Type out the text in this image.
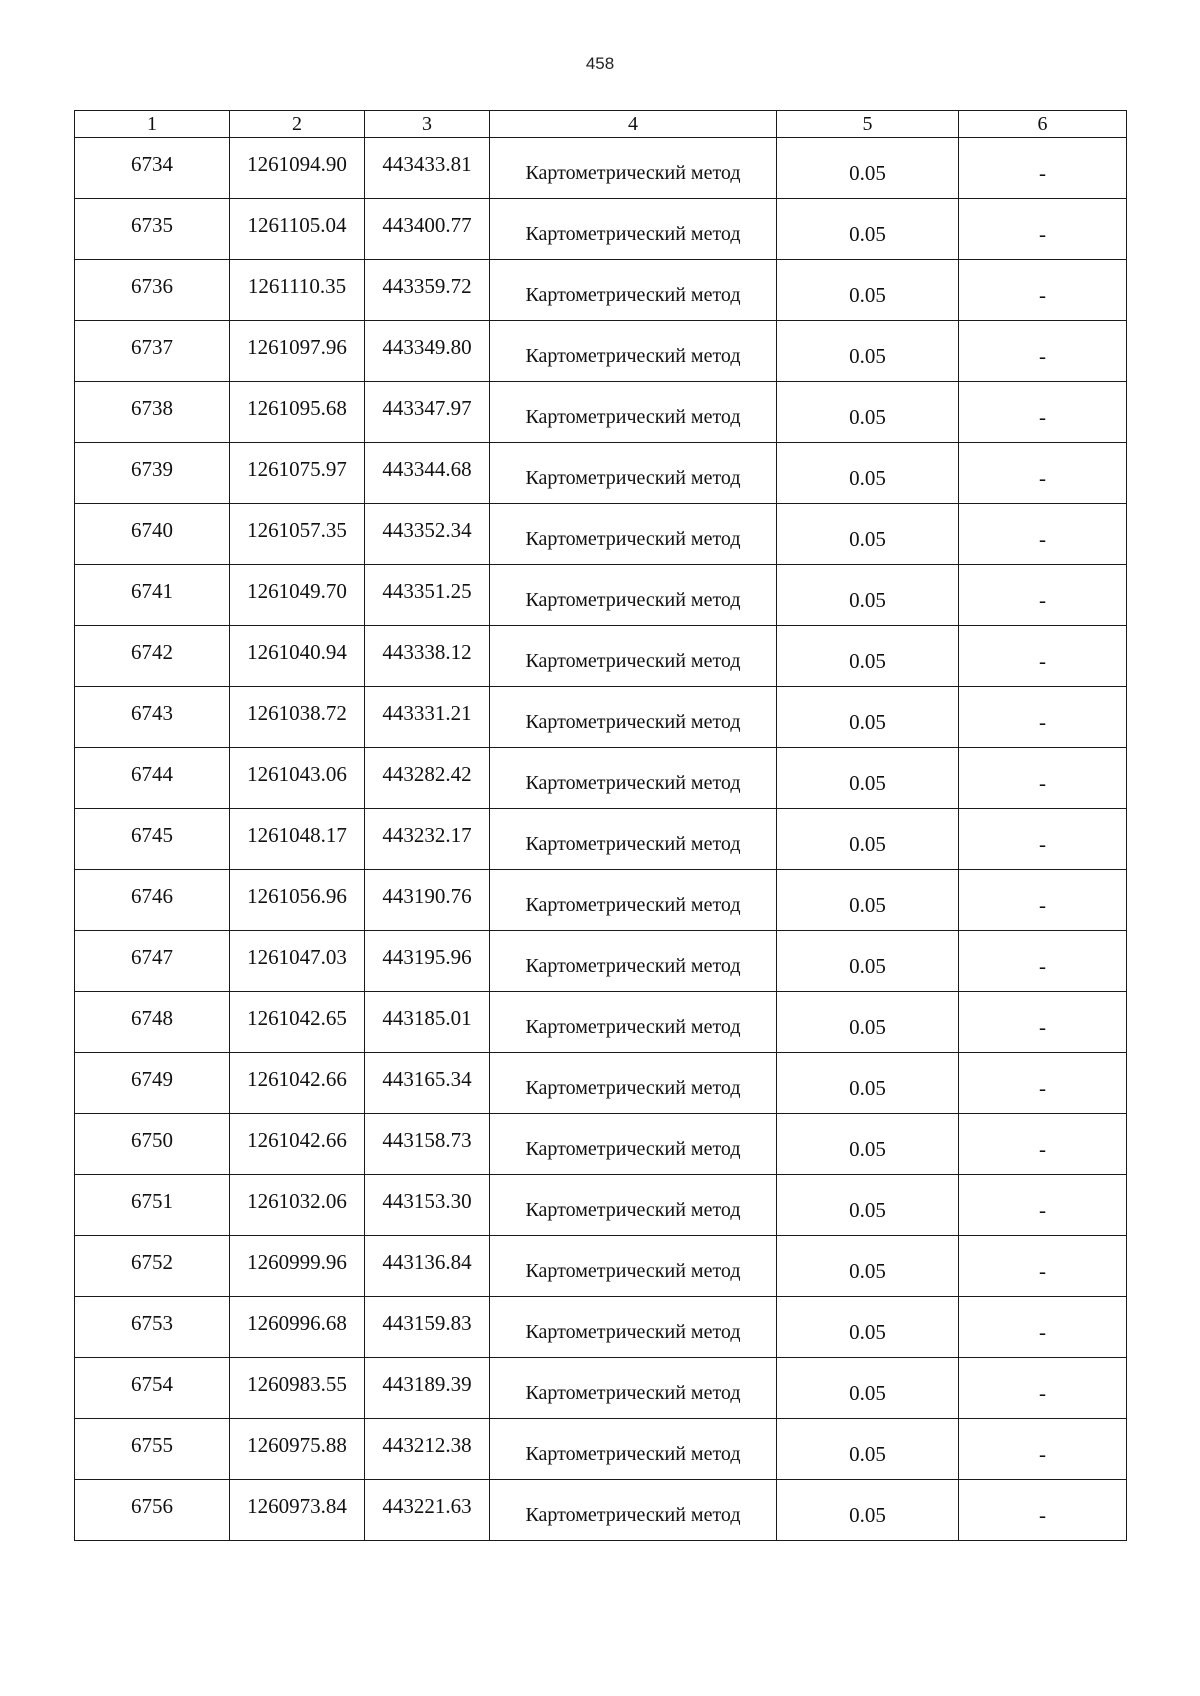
458
1	2	3	4	5	6
6734	1261094.90	443433.81	Картометрический метод	0.05	-
6735	1261105.04	443400.77	Картометрический метод	0.05	-
6736	1261110.35	443359.72	Картометрический метод	0.05	-
6737	1261097.96	443349.80	Картометрический метод	0.05	-
6738	1261095.68	443347.97	Картометрический метод	0.05	-
6739	1261075.97	443344.68	Картометрический метод	0.05	-
6740	1261057.35	443352.34	Картометрический метод	0.05	-
6741	1261049.70	443351.25	Картометрический метод	0.05	-
6742	1261040.94	443338.12	Картометрический метод	0.05	-
6743	1261038.72	443331.21	Картометрический метод	0.05	-
6744	1261043.06	443282.42	Картометрический метод	0.05	-
6745	1261048.17	443232.17	Картометрический метод	0.05	-
6746	1261056.96	443190.76	Картометрический метод	0.05	-
6747	1261047.03	443195.96	Картометрический метод	0.05	-
6748	1261042.65	443185.01	Картометрический метод	0.05	-
6749	1261042.66	443165.34	Картометрический метод	0.05	-
6750	1261042.66	443158.73	Картометрический метод	0.05	-
6751	1261032.06	443153.30	Картометрический метод	0.05	-
6752	1260999.96	443136.84	Картометрический метод	0.05	-
6753	1260996.68	443159.83	Картометрический метод	0.05	-
6754	1260983.55	443189.39	Картометрический метод	0.05	-
6755	1260975.88	443212.38	Картометрический метод	0.05	-
6756	1260973.84	443221.63	Картометрический метод	0.05	-
